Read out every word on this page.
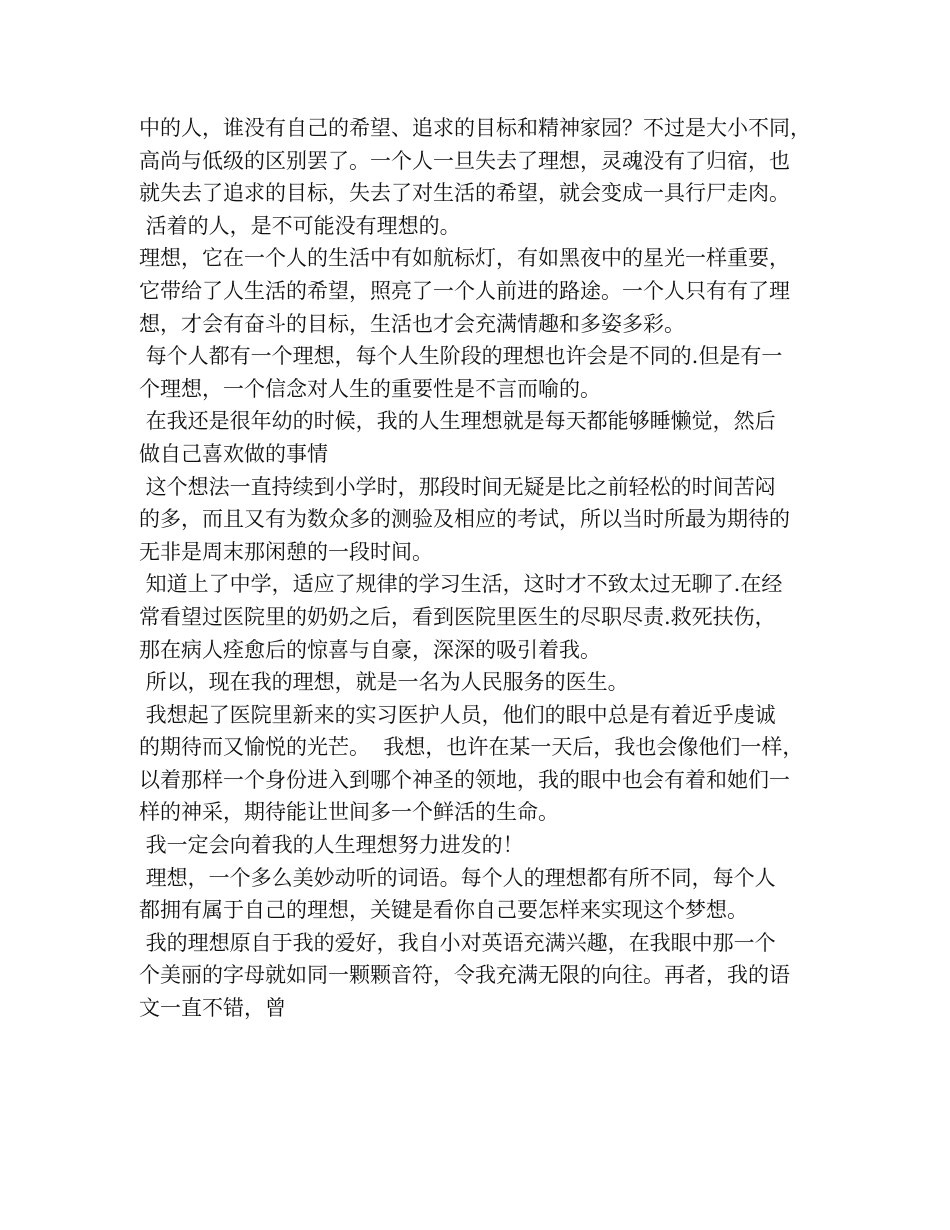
中的人，谁没有自己的希望、追求的目标和精神家园？不过是大小不同，
高尚与低级的区别罢了。一个人一旦失去了理想，灵魂没有了归宿，也
就失去了追求的目标，失去了对生活的希望，就会变成一具行尸走肉。
活着的人，是不可能没有理想的。
理想，它在一个人的生活中有如航标灯，有如黑夜中的星光一样重要，
它带给了人生活的希望，照亮了一个人前进的路途。一个人只有有了理
想，才会有奋斗的目标，生活也才会充满情趣和多姿多彩。
每个人都有一个理想，每个人生阶段的理想也许会是不同的.但是有一
个理想，一个信念对人生的重要性是不言而喻的。
在我还是很年幼的时候，我的人生理想就是每天都能够睡懒觉，然后
做自己喜欢做的事情
这个想法一直持续到小学时，那段时间无疑是比之前轻松的时间苦闷
的多，而且又有为数众多的测验及相应的考试，所以当时所最为期待的
无非是周末那闲憩的一段时间。
知道上了中学，适应了规律的学习生活，这时才不致太过无聊了.在经
常看望过医院里的奶奶之后，看到医院里医生的尽职尽责.救死扶伤，
那在病人痊愈后的惊喜与自豪，深深的吸引着我。
所以，现在我的理想，就是一名为人民服务的医生。
我想起了医院里新来的实习医护人员，他们的眼中总是有着近乎虔诚
的期待而又愉悦的光芒。  我想，也许在某一天后，我也会像他们一样，
以着那样一个身份进入到哪个神圣的领地，我的眼中也会有着和她们一
样的神采，期待能让世间多一个鲜活的生命。
我一定会向着我的人生理想努力进发的！
理想，一个多么美妙动听的词语。每个人的理想都有所不同，每个人
都拥有属于自己的理想，关键是看你自己要怎样来实现这个梦想。
我的理想原自于我的爱好，我自小对英语充满兴趣，在我眼中那一个
个美丽的字母就如同一颗颗音符，令我充满无限的向往。再者，我的语
文一直不错，曾
